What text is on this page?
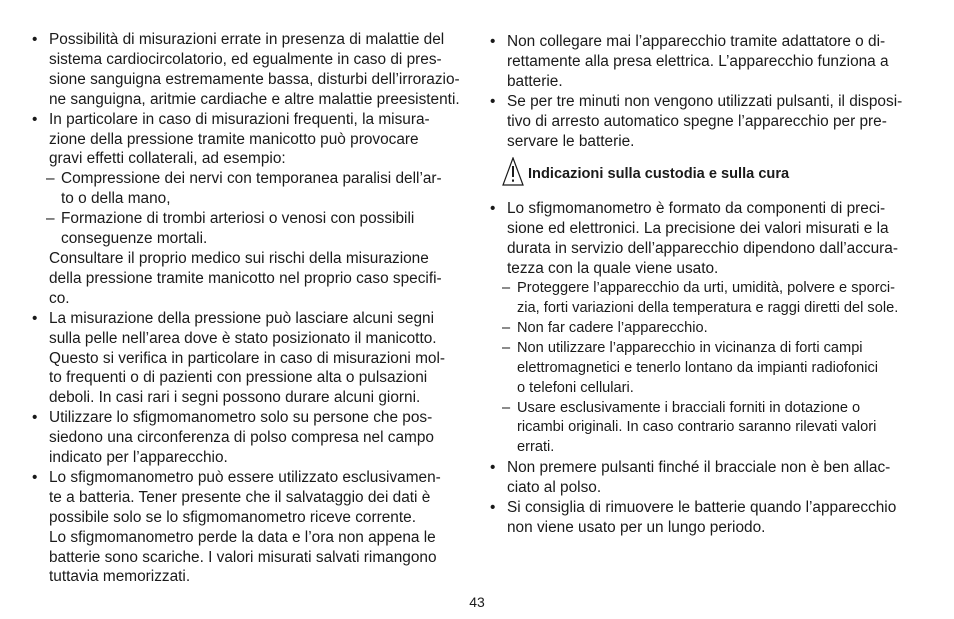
• Possibilità di misurazioni errate in presenza di malattie del
sistema cardiocircolatorio, ed egualmente in caso di pres-
sione sanguigna estremamente bassa, disturbi dell’irrorazio-
ne sanguigna, aritmie cardiache e altre malattie preesistenti.
• In particolare in caso di misurazioni frequenti, la misura-
zione della pressione tramite manicotto può provocare
gravi effetti collaterali, ad esempio:
– Compressione dei nervi con temporanea paralisi dell’ar-
to o della mano,
– Formazione di trombi arteriosi o venosi con possibili
conseguenze mortali.
Consultare il proprio medico sui rischi della misurazione
della pressione tramite manicotto nel proprio caso specifi-
co.
• La misurazione della pressione può lasciare alcuni segni
sulla pelle nell’area dove è stato posizionato il manicotto.
Questo si verifica in particolare in caso di misurazioni mol-
to frequenti o di pazienti con pressione alta o pulsazioni
deboli. In casi rari i segni possono durare alcuni giorni.
• Utilizzare lo sfigmomanometro solo su persone che pos-
siedono una circonferenza di polso compresa nel campo
indicato per l’apparecchio.
• Lo sfigmomanometro può essere utilizzato esclusivamen-
te a batteria. Tener presente che il salvataggio dei dati è
possibile solo se lo sfigmomanometro riceve corrente.
Lo sfigmomanometro perde la data e l’ora non appena le
batterie sono scariche. I valori misurati salvati rimangono
tuttavia memorizzati.
• Non collegare mai l’apparecchio tramite adattatore o di-
rettamente alla presa elettrica. L’apparecchio funziona a
batterie.
• Se per tre minuti non vengono utilizzati pulsanti, il disposi-
tivo di arresto automatico spegne l’apparecchio per pre-
servare le batterie.
Indicazioni sulla custodia e sulla cura
• Lo sfigmomanometro è formato da componenti di preci-
sione ed elettronici. La precisione dei valori misurati e la
durata in servizio dell’apparecchio dipendono dall’accura-
tezza con la quale viene usato.
– Proteggere l’apparecchio da urti, umidità, polvere e sporci-
zia, forti variazioni della temperatura e raggi diretti del sole.
– Non far cadere l’apparecchio.
– Non utilizzare l’apparecchio in vicinanza di forti campi
elettromagnetici e tenerlo lontano da impianti radiofonici
o telefoni cellulari.
– Usare esclusivamente i bracciali forniti in dotazione o
ricambi originali. In caso contrario saranno rilevati valori
errati.
• Non premere pulsanti finché il bracciale non è ben allac-
ciato al polso.
• Si consiglia di rimuovere le batterie quando l’apparecchio
non viene usato per un lungo periodo.
43
